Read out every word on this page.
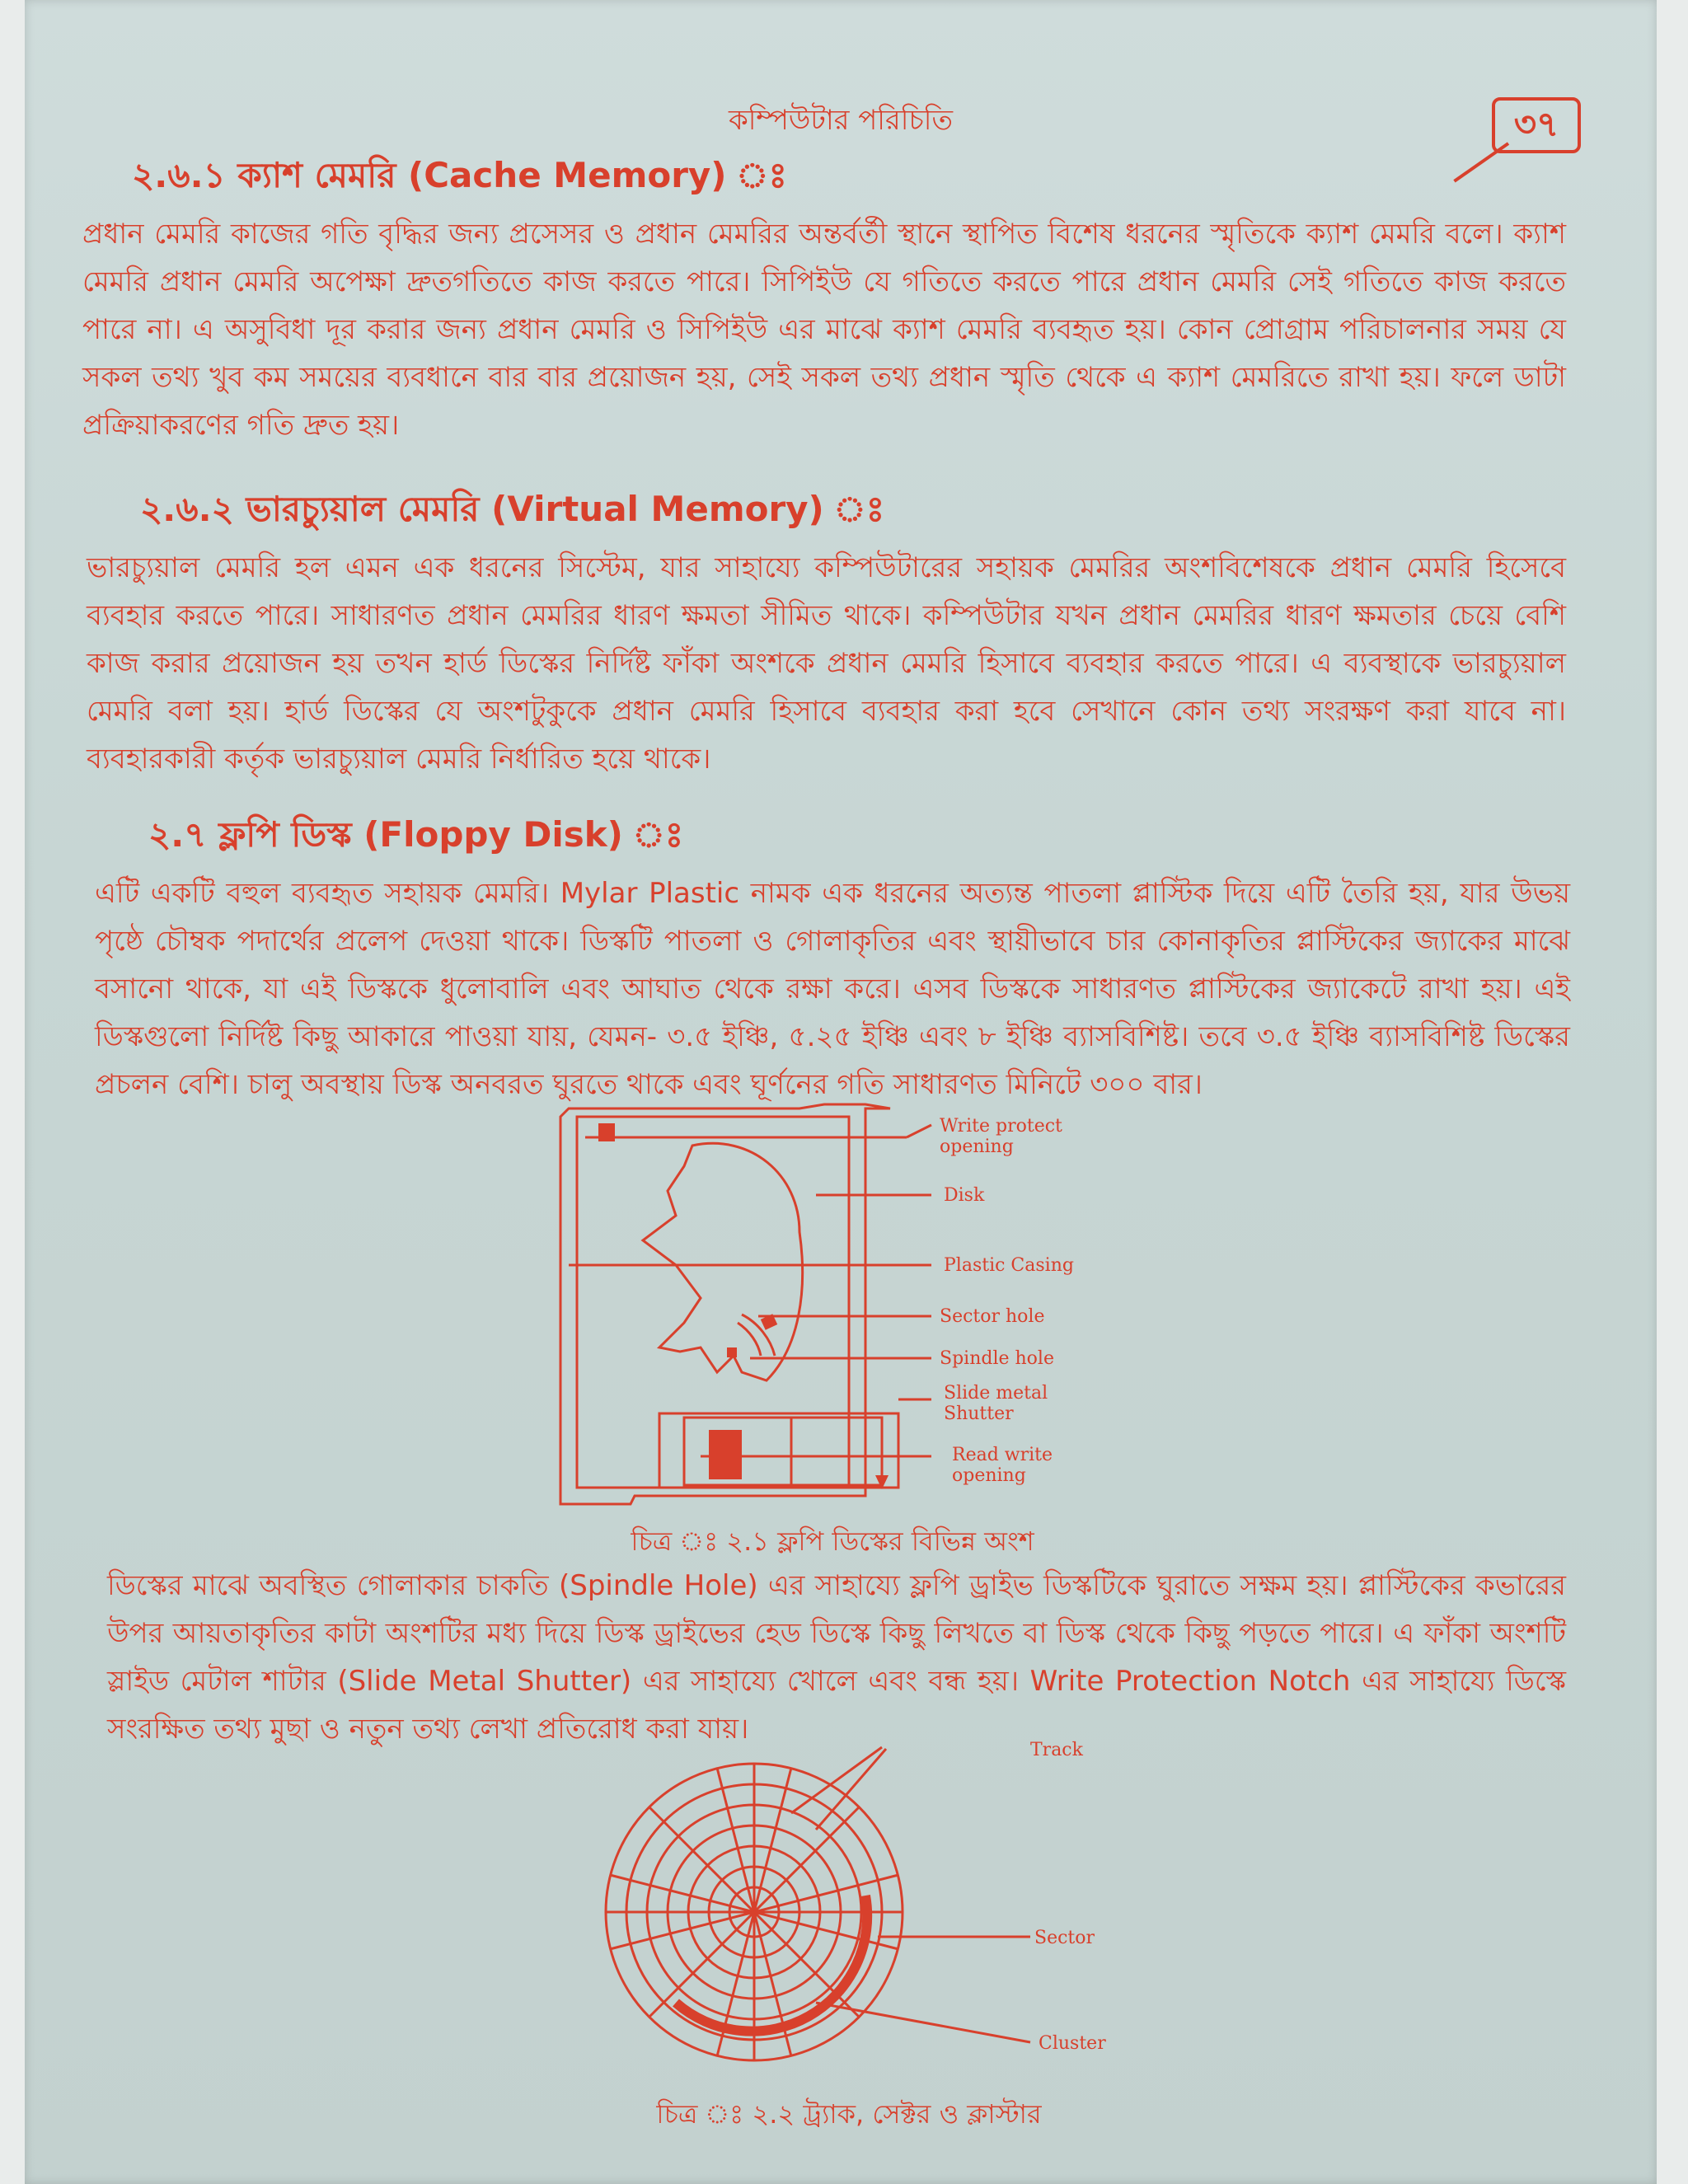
কম্পিউটার পরিচিতি	৩৭
২.৬.১ ক্যাশ মেমরি (Cache Memory) ঃ

প্রধান মেমরি কাজের গতি বৃদ্ধির জন্য প্রসেসর ও প্রধান মেমরির অন্তর্বর্তী স্থানে স্থাপিত বিশেষ ধরনের স্মৃতিকে ক্যাশ মেমরি বলে। ক্যাশ মেমরি প্রধান মেমরি অপেক্ষা দ্রুতগতিতে কাজ করতে পারে। সিপিইউ যে গতিতে করতে পারে প্রধান মেমরি সেই গতিতে কাজ করতে পারে না। এ অসুবিধা দূর করার জন্য প্রধান মেমরি ও সিপিইউ এর মাঝে ক্যাশ মেমরি ব্যবহৃত হয়। কোন প্রোগ্রাম পরিচালনার সময় যে সকল তথ্য খুব কম সময়ের ব্যবধানে বার বার প্রয়োজন হয়, সেই সকল তথ্য প্রধান স্মৃতি থেকে এ ক্যাশ মেমরিতে রাখা হয়। ফলে ডাটা প্রক্রিয়াকরণের গতি দ্রুত হয়।

২.৬.২ ভারচ্যুয়াল মেমরি (Virtual Memory) ঃ

ভারচ্যুয়াল মেমরি হল এমন এক ধরনের সিস্টেম, যার সাহায্যে কম্পিউটারের সহায়ক মেমরির অংশবিশেষকে প্রধান মেমরি হিসেবে ব্যবহার করতে পারে। সাধারণত প্রধান মেমরির ধারণ ক্ষমতা সীমিত থাকে। কম্পিউটার যখন প্রধান মেমরির ধারণ ক্ষমতার চেয়ে বেশি কাজ করার প্রয়োজন হয় তখন হার্ড ডিস্কের নির্দিষ্ট ফাঁকা অংশকে প্রধান মেমরি হিসাবে ব্যবহার করতে পারে। এ ব্যবস্থাকে ভারচ্যুয়াল মেমরি বলা হয়। হার্ড ডিস্কের যে অংশটুকুকে প্রধান মেমরি হিসাবে ব্যবহার করা হবে সেখানে কোন তথ্য সংরক্ষণ করা যাবে না। ব্যবহারকারী কর্তৃক ভারচ্যুয়াল মেমরি নির্ধারিত হয়ে থাকে।

২.৭ ফ্লপি ডিস্ক (Floppy Disk) ঃ

এটি একটি বহুল ব্যবহৃত সহায়ক মেমরি। Mylar Plastic নামক এক ধরনের অত্যন্ত পাতলা প্লাস্টিক দিয়ে এটি তৈরি হয়, যার উভয় পৃষ্ঠে চৌম্বক পদার্থের প্রলেপ দেওয়া থাকে। ডিস্কটি পাতলা ও গোলাকৃতির এবং স্থায়ীভাবে চার কোনাকৃতির প্লাস্টিকের জ্যাকের মাঝে বসানো থাকে, যা এই ডিস্ককে ধুলোবালি এবং আঘাত থেকে রক্ষা করে। এসব ডিস্ককে সাধারণত প্লাস্টিকের জ্যাকেটে রাখা হয়। এই ডিস্কগুলো নির্দিষ্ট কিছু আকারে পাওয়া যায়, যেমন- ৩.৫ ইঞ্চি, ৫.২৫ ইঞ্চি এবং ৮ ইঞ্চি ব্যাসবিশিষ্ট। তবে ৩.৫ ইঞ্চি ব্যাসবিশিষ্ট ডিস্কের প্রচলন বেশি। চালু অবস্থায় ডিস্ক অনবরত ঘুরতে থাকে এবং ঘূর্ণনের গতি সাধারণত মিনিটে ৩০০ বার।

Write protect
opening
Disk
Plastic Casing
Sector hole
Spindle hole
Slide metal
Shutter
Read write
opening
চিত্র ঃ ২.১ ফ্লপি ডিস্কের বিভিন্ন অংশ

ডিস্কের মাঝে অবস্থিত গোলাকার চাকতি (Spindle Hole) এর সাহায্যে ফ্লপি ড্রাইভ ডিস্কটিকে ঘুরাতে সক্ষম হয়। প্লাস্টিকের কভারের উপর আয়তাকৃতির কাটা অংশটির মধ্য দিয়ে ডিস্ক ড্রাইভের হেড ডিস্কে কিছু লিখতে বা ডিস্ক থেকে কিছু পড়তে পারে। এ ফাঁকা অংশটি স্লাইড মেটাল শাটার (Slide Metal Shutter) এর সাহায্যে খোলে এবং বন্ধ হয়। Write Protection Notch এর সাহায্যে ডিস্কে সংরক্ষিত তথ্য মুছা ও নতুন তথ্য লেখা প্রতিরোধ করা যায়।

Track
Sector
Cluster
চিত্র ঃ ২.২ ট্র্যাক, সেক্টর ও ক্লাস্টার
